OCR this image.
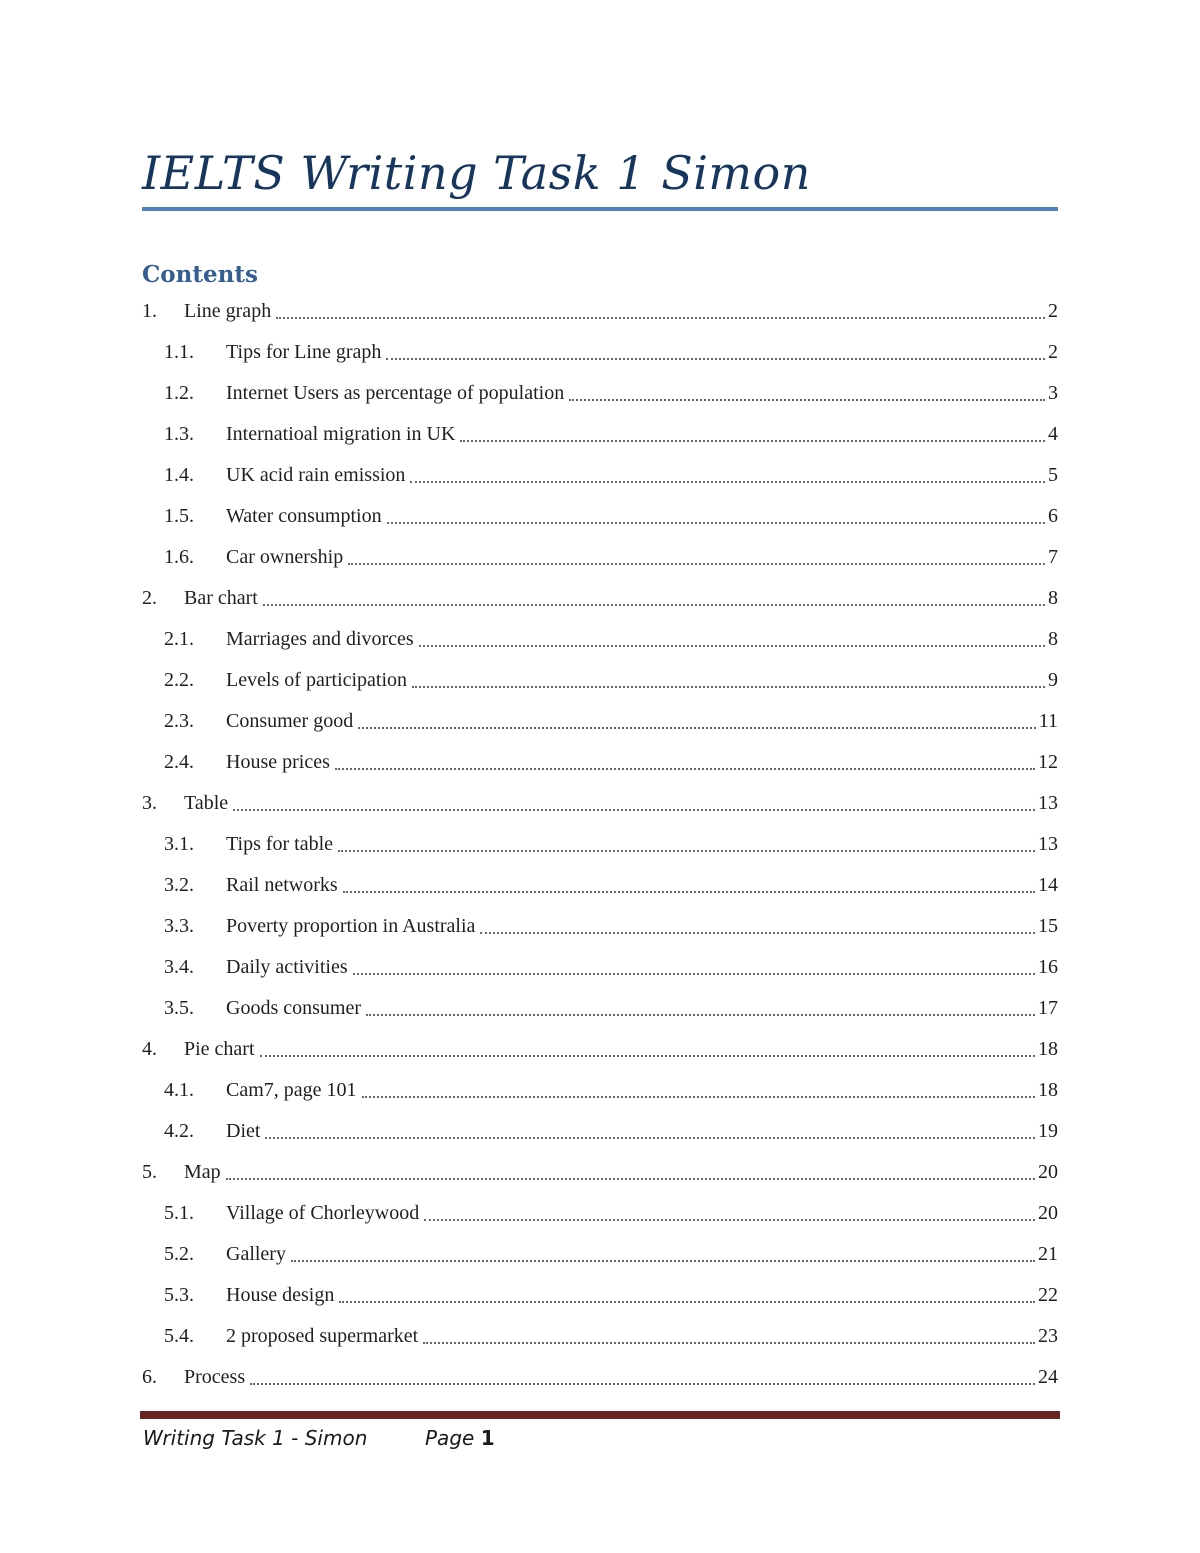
IELTS Writing Task 1 Simon
Contents
1.	Line graph	2
1.1.	Tips for Line graph	2
1.2.	Internet Users as percentage of population	3
1.3.	Internatioal migration in UK	4
1.4.	UK acid rain emission	5
1.5.	Water consumption	6
1.6.	Car ownership	7
2.	Bar chart	8
2.1.	Marriages and divorces	8
2.2.	Levels of participation	9
2.3.	Consumer good	11
2.4.	House prices	12
3.	Table	13
3.1.	Tips for table	13
3.2.	Rail networks	14
3.3.	Poverty proportion in Australia	15
3.4.	Daily activities	16
3.5.	Goods consumer	17
4.	Pie chart	18
4.1.	Cam7, page 101	18
4.2.	Diet	19
5.	Map	20
5.1.	Village of Chorleywood	20
5.2.	Gallery	21
5.3.	House design	22
5.4.	2 proposed supermarket	23
6.	Process	24
Writing Task 1 - Simon	Page 1
